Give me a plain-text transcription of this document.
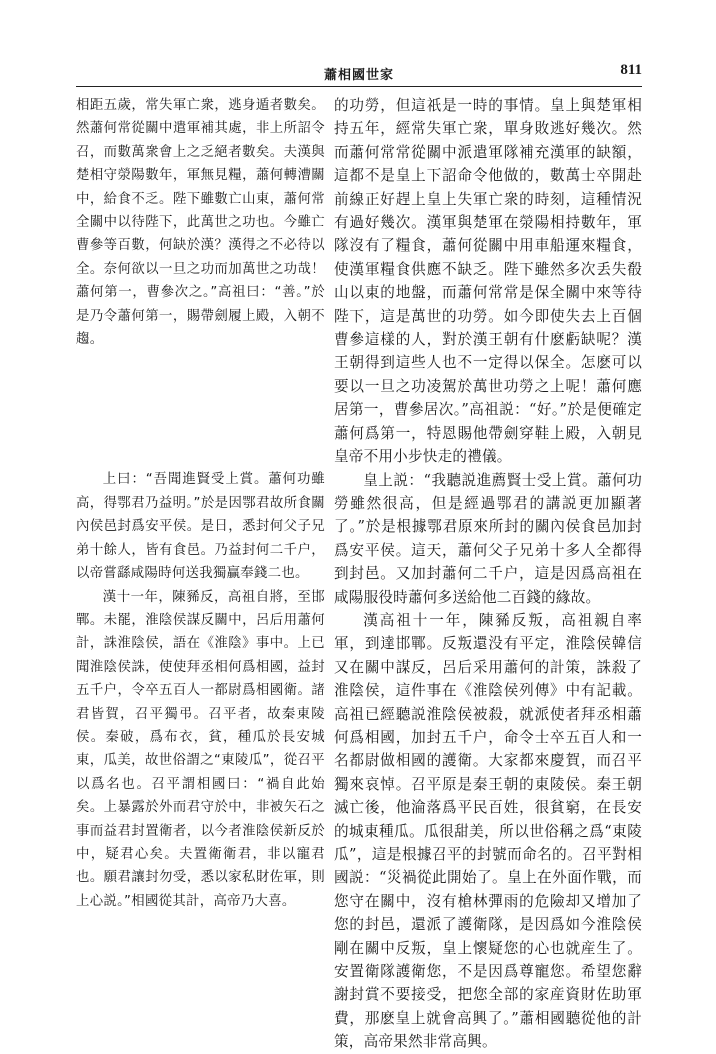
蕭相國世家	811

相距五歲，常失軍亡衆，逃身遁者數矣。然蕭何常從關中遣軍補其處，非上所詔令召，而數萬衆會上之乏絕者數矣。夫漢與楚相守滎陽數年，軍無見糧，蕭何轉漕關中，給食不乏。陛下雖數亡山東，蕭何常全關中以待陛下，此萬世之功也。今雖亡曹參等百數，何缺於漢？漢得之不必待以全。奈何欲以一旦之功而加萬世之功哉！蕭何第一，曹參次之。”高祖曰：“善。”於是乃令蕭何第一，賜帶劍履上殿，入朝不趨。

上曰：“吾聞進賢受上賞。蕭何功雖高，得鄂君乃益明。”於是因鄂君故所食關內侯邑封爲安平侯。是日，悉封何父子兄弟十餘人，皆有食邑。乃益封何二千户，以帝嘗繇咸陽時何送我獨贏奉錢二也。

漢十一年，陳豨反，高祖自將，至邯鄲。未罷，淮陰侯謀反關中，呂后用蕭何計，誅淮陰侯，語在《淮陰》事中。上已聞淮陰侯誅，使使拜丞相何爲相國，益封五千户，令卒五百人一都尉爲相國衛。諸君皆賀，召平獨弔。召平者，故秦東陵侯。秦破，爲布衣，貧，種瓜於長安城東，瓜美，故世俗謂之“東陵瓜”，從召平以爲名也。召平謂相國曰：“禍自此始矣。上暴露於外而君守於中，非被矢石之事而益君封置衛者，以今者淮陰侯新反於中，疑君心矣。夫置衛衛君，非以寵君也。願君讓封勿受，悉以家私財佐軍，則上心説。”相國從其計，高帝乃大喜。

的功勞，但這祇是一時的事情。皇上與楚軍相持五年，經常失軍亡衆，單身敗逃好幾次。然而蕭何常常從關中派遣軍隊補充漢軍的缺額，這都不是皇上下詔命令他做的，數萬士卒開赴前線正好趕上皇上失軍亡衆的時刻，這種情況有過好幾次。漢軍與楚軍在滎陽相持數年，軍隊沒有了糧食，蕭何從關中用車船運來糧食，使漢軍糧食供應不缺乏。陛下雖然多次丢失殽山以東的地盤，而蕭何常常是保全關中來等待陛下，這是萬世的功勞。如今即使失去上百個曹參這樣的人，對於漢王朝有什麽虧缺呢？漢王朝得到這些人也不一定得以保全。怎麽可以要以一旦之功凌駕於萬世功勞之上呢！蕭何應居第一，曹參居次。”高祖説：“好。”於是便確定蕭何爲第一，特恩賜他帶劍穿鞋上殿，入朝見皇帝不用小步快走的禮儀。

皇上説：“我聽説進薦賢士受上賞。蕭何功勞雖然很高，但是經過鄂君的講説更加顯著了。”於是根據鄂君原來所封的關內侯食邑加封爲安平侯。這天，蕭何父子兄弟十多人全都得到封邑。又加封蕭何二千户，這是因爲高祖在咸陽服役時蕭何多送給他二百錢的緣故。

漢高祖十一年，陳豨反叛，高祖親自率軍，到達邯鄲。反叛還没有平定，淮陰侯韓信又在關中謀反，呂后采用蕭何的計策，誅殺了淮陰侯，這件事在《淮陰侯列傳》中有記載。高祖已經聽説淮陰侯被殺，就派使者拜丞相蕭何爲相國，加封五千户，命令士卒五百人和一名都尉做相國的護衛。大家都來慶賀，而召平獨來哀悼。召平原是秦王朝的東陵侯。秦王朝滅亡後，他淪落爲平民百姓，很貧窮，在長安的城東種瓜。瓜很甜美，所以世俗稱之爲“東陵瓜”，這是根據召平的封號而命名的。召平對相國説：“災禍從此開始了。皇上在外面作戰，而您守在關中，沒有槍林彈雨的危險却又增加了您的封邑，還派了護衛隊，是因爲如今淮陰侯剛在關中反叛，皇上懷疑您的心也就産生了。安置衛隊護衛您，不是因爲尊寵您。希望您辭謝封賞不要接受，把您全部的家産資財佐助軍費，那麽皇上就會高興了。”蕭相國聽從他的計策，高帝果然非常高興。
